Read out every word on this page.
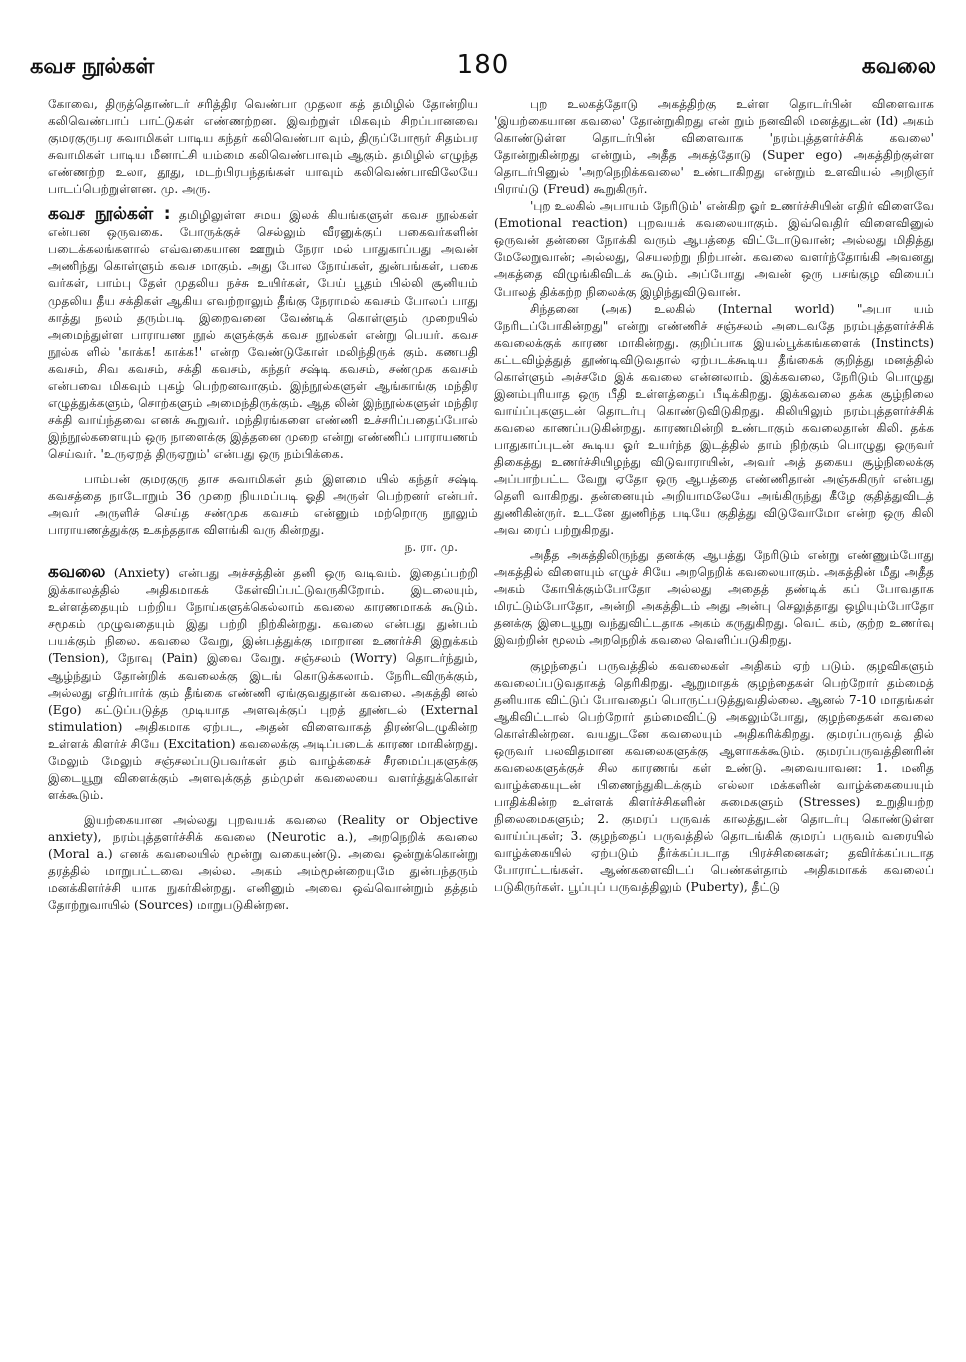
கவச நூல்கள்	180	கவலை

கோவை, திருத்தொண்டர் சரித்திர வெண்பா முதலா கத் தமிழில் தோன்றிய கலிவெண்பாப் பாட்டுகள் எண்ணற்றன. இவற்றுள் மிகவும் சிறப்பானவை குமரகுருபர சுவாமிகள் பாடிய கந்தர் கலிவெண்பா வும், திருப்போரூர் சிதம்பர சுவாமிகள் பாடிய மீனாட்சி யம்மை கலிவெண்பாவும் ஆகும். தமிழில் எழுந்த எண்ணற்ற உலா, தூது, மடற்பிரபந்தங்கள் யாவும் கலிவெண்பாவிலேயே பாடப்பெற்றுள்ளன. மு. அரு.

கவச நூல்கள் : தமிழிலுள்ள சமய இலக் கியங்களுள் கவச நூல்கள் என்பன ஒருவகை. போருக்குச் செல்லும் வீரனுக்குப் பகைவர்களின் படைக்கலங்களால் எவ்வகையான ஊறும் நேரா மல் பாதுகாப்பது அவன் அணிந்து கொள்ளும் கவச மாகும். அது போல நோய்கள், துன்பங்கள், பகை வர்கள், பாம்பு தேள் முதலிய நச்சு உயிர்கள், பேய் பூதம் பில்லி சூனியம் முதலிய தீய சக்திகள் ஆகிய எவற்றாலும் தீங்கு நேராமல் கவசம் போலப் பாது காத்து நலம் தரும்படி இறைவனை வேண்டிக் கொள்ளும் முறையில் அமைந்துள்ள பாராயண நூல் களுக்குக் கவச நூல்கள் என்று பெயர். கவச நூல்க ளில் 'காக்க! காக்க!' என்ற வேண்டுகோள் மலிந்திருக் கும். கணபதி கவசம், சிவ கவசம், சக்தி கவசம், கந்தர் சஷ்டி கவசம், சண்முக கவசம் என்பவை மிகவும் புகழ் பெற்றனவாகும். இந்நூல்களுள் ஆங்காங்கு மந்திர எழுத்துக்களும், சொற்களும் அமைந்திருக்கும். ஆத லின் இந்நூல்களுள் மந்திர சக்தி வாய்ந்தவை எனக் கூறுவர். மந்திரங்களை எண்ணி உச்சரிப்பதைப்போல் இந்நூல்களையும் ஒரு நாளைக்கு இத்தனை முறை என்று எண்ணிப் பாராயணம் செய்வர். 'உருஏறத் திருஏறும்' என்பது ஒரு நம்பிக்கை.

பாம்பன் குமரகுரு தாச சுவாமிகள் தம் இளமை யில் கந்தர் சஷ்டி கவசத்தை நாடோறும் 36 முறை நியமப்படி ஓதி அருள் பெற்றனர் என்பர். அவர் அருளிச் செய்த சண்முக கவசம் என்னும் மற்றொரு நூலும் பாராயணத்துக்கு உகந்ததாக விளங்கி வரு கின்றது.
ந. ரா. மு.

கவலை (Anxiety) என்பது அச்சத்தின் தனி ஒரு வடிவம். இதைப்பற்றி இக்காலத்தில் அதிகமாகக் கேள்விப்பட்டுவருகிறோம். இடலையும், உள்ளத்தையும் பற்றிய நோய்களுக்கெல்லாம் கவலை காரணமாகக் கூடும். சமூகம் முழுவதையும் இது பற்றி நிற்கின்றது. கவலை என்பது துன்பம் பயக்கும் நிலை. கவலை வேறு, இன்பத்துக்கு மாறான உணர்ச்சி இறுக்கம் (Tension), நோவு (Pain) இவை வேறு. சஞ்சலம் (Worry) தொடர்ந்தும், ஆழ்ந்தும் தோன்றிக் கவலைக்கு இடங் கொடுக்கலாம். நேரிடவிருக்கும், அல்லது எதிர்பார்க் கும் தீங்கை எண்ணி ஏங்குவதுதான் கவலை. அகத்தி னல் (Ego) கட்டுப்படுத்த முடியாத அளவுக்குப் புறத் தூண்டல் (External stimulation) அதிகமாக ஏற்பட, அதன் விளைவாகத் திரண்டெழுகின்ற உள்ளக் கிளர்ச் சியே (Excitation) கவலைக்கு அடிப்படைக் காரண மாகின்றது. மேலும் மேலும் சஞ்சலப்படுபவர்கள் தம் வாழ்க்கைச் சீரமைப்புகளுக்கு இடையூறு விளைக்கும் அளவுக்குத் தம்முள் கவலையை வளர்த்துக்கொள் ளக்கூடும்.

இயற்கையான அல்லது புறவயக் கவலை (Reality or Objective anxiety), நரம்புத்தளர்ச்சிக் கவலை (Neurotic a.), அறநெறிக் கவலை (Moral a.) எனக் கவலையில் மூன்று வகையுண்டு. அவை ஒன்றுக்கொன்று தரத்தில் மாறுபட்டவை அல்ல. அகம் அம்மூன்றையுமே துன்பந்தரும் மனக்கிளர்ச்சி யாக நுகர்கின்றது. எனினும் அவை ஒவ்வொன்றும் தத்தம் தோற்றுவாயில் (Sources) மாறுபடுகின்றன.

புற உலகத்தோடு அகத்திற்கு உள்ள தொடர்பின் விளைவாக 'இயற்கையான கவலை' தோன்றுகிறது என் றும் நனவிலி மனத்துடன் (Id) அகம் கொண்டுள்ள தொடர்பின் விளைவாக 'நரம்புத்தளர்ச்சிக் கவலை' தோன்றுகின்றது என்றும், அதீத அகத்தோடு (Super ego) அகத்திற்குள்ள தொடர்பினுல் 'அறநெறிக்கவலை' உண்டாகிறது என்றும் உளவியல் அறிஞர் பிராய்டு (Freud) கூறுகிருர்.

'புற உலகில் அபாயம் நேரிடும்' என்கிற ஓர் உணர்ச்சியின் எதிர் விளைவே (Emotional reaction) புறவயக் கவலையாகும். இவ்வெதிர் விளைவினுல் ஒருவன் தன்னை நோக்கி வரும் ஆபத்தை விட்டோடுவான்; அல்லது மிதித்து மேலேறுவான்; அல்லது, செயலற்று நிற்பான். கவலை வளர்ந்தோங்கி அவனது அகத்தை விழுங்கிவிடக் கூடும். அப்போது அவன் ஒரு பசங்குழ வியைப் போலத் திக்கற்ற நிலைக்கு இழிந்துவிடுவான்.

சிந்தனை (அக) உலகில் (Internal world) "அபா யம் நேரிடப்போகின்றது" என்று எண்ணிச் சஞ்சலம் அடைவதே நரம்புத்தளர்ச்சிக் கவலைக்குக் காரண மாகின்றது. குறிப்பாக இயல்பூக்கங்களைக் (Instincts) கட்டவிழ்த்துத் தூண்டிவிடுவதால் ஏற்படக்கூடிய தீங்கைக் குறித்து மனத்தில் கொள்ளும் அச்சமே இக் கவலை என்னலாம். இக்கவலை, நேரிடும் பொழுது இனம்புரியாத ஒரு பீதி உள்ளத்தைப் பீடிக்கிறது. இக்கவலை தக்க சூழ்நிலை வாய்ப்புகளுடன் தொடர்பு கொண்டுவிடுகிறது. கிலியிலும் நரம்புத்தளர்ச்சிக் கவலை காணப்படுகின்றது. காரணமின்றி உண்டாகும் கவலைதான் கிலி. தக்க பாதுகாப்புடன் கூடிய ஓர் உயர்ந்த இடத்தில் தாம் நிற்கும் பொழுது ஒருவர் திகைத்து உணர்ச்சியிழந்து விடுவாராயின், அவர் அத் தகைய சூழ்நிலைக்கு அப்பாற்பட்ட வேறு ஏதோ ஒரு ஆபத்தை எண்ணிதான் அஞ்சுகிருர் என்பது தெளி வாகிறது. தன்னையும் அறியாமலேயே அங்கிருந்து கீழே குதித்துவிடத் துணிகின்ருர். உடனே துணிந்த படியே குதித்து விடுவோமோ என்ற ஒரு கிலி அவ ரைப் பற்றுகிறது.

அதீத அகத்திலிருந்து தனக்கு ஆபத்து நேரிடும் என்று எண்ணும்போது அகத்தில் விளையும் எழுச் சியே அறநெறிக் கவலையாகும். அகத்தின் மீது அதீத அகம் கோபிக்கும்போதோ அல்லது அதைத் தண்டிக் கப் போவதாக மிரட்டும்போதோ, அன்றி அகத்திடம் அது அன்பு செலுத்தாது ஒழியும்போதோ தனக்கு இடையூறு வந்துவிட்டதாக அகம் கருதுகிறது. வெட் கம், குற்ற உணர்வு இவற்றின் மூலம் அறநெறிக் கவலை வெளிப்படுகிறது.

குழந்தைப் பருவத்தில் கவலைகள் அதிகம் ஏற் படும். குழவிகளும் கவலைப்படுவதாகத் தெரிகிறது. ஆறுமாதக் குழந்தைகள் பெற்றோர் தம்மைத் தனியாக விட்டுப் போவதைப் பொருட்படுத்துவதில்லை. ஆனல் 7-10 மாதங்கள் ஆகிவிட்டால் பெற்றோர் தம்மைவிட்டு அகலும்போது, குழந்தைகள் கவலை கொள்கின்றன. வயதுடனே கவலையும் அதிகரிக்கிறது. குமரப்பருவத் தில் ஒருவர் பலவிதமான கவலைகளுக்கு ஆளாகக்கூடும். குமரப்பருவத்தினரின் கவலைகளுக்குச் சில காரணங் கள் உண்டு. அவையாவன: 1. மனித வாழ்க்கையுடன் பிணைந்துகிடக்கும் எல்லா மக்களின் வாழ்க்கையையும் பாதிக்கின்ற உள்ளக் கிளர்ச்சிகளின் சுமைகளும் (Stresses) உறுதியற்ற நிலைமைகளும்; 2. குமரப் பருவக் காலத்துடன் தொடர்பு கொண்டுள்ள வாய்ப்புகள்; 3. குழந்தைப் பருவத்தில் தொடங்கிக் குமரப் பருவம் வரையில் வாழ்க்கையில் ஏற்படும் தீர்க்கப்படாத பிரச்சினைகள்; தவிர்க்கப்படாத போராட்டங்கள். ஆண்களைவிடப் பெண்கள்தாம் அதிகமாகக் கவலைப் படுகிருர்கள். பூப்புப் பருவத்திலும் (Puberty), தீட்டு
